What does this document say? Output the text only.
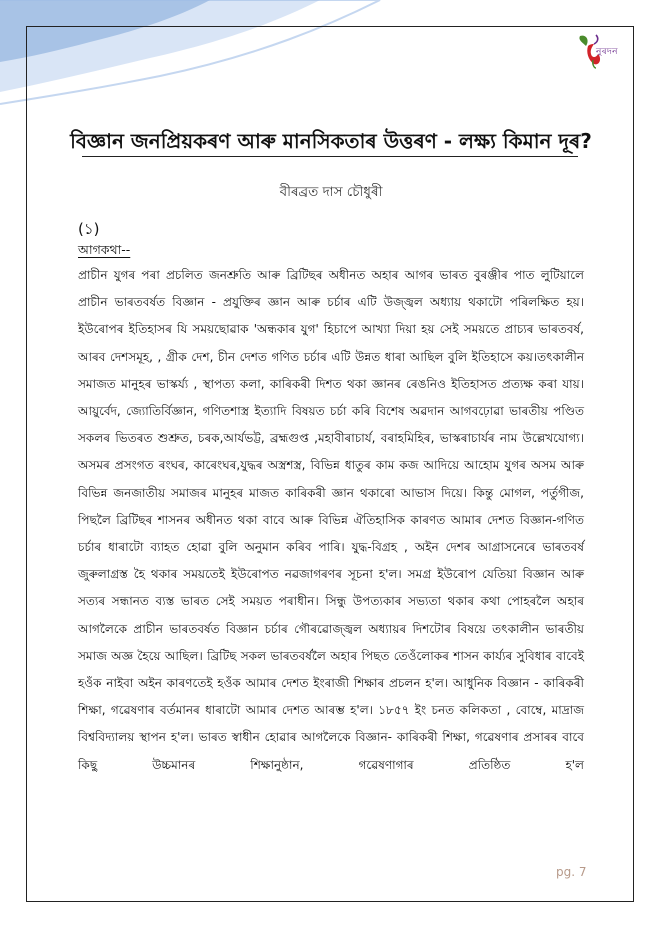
নুৰদন
বিজ্ঞান জনপ্ৰিয়কৰণ আৰু মানসিকতাৰ উত্তৰণ - লক্ষ্য কিমান দূৰ?
বীৰব্ৰত দাস চৌধুৰী
(১)
আগকথা--

প্ৰাচীন যুগৰ পৰা প্ৰচলিত জনশ্ৰুতি আৰু ব্ৰিটিছৰ অধীনত অহাৰ আগৰ ভাৰত বুৰঞ্জীৰ পাত লুটিয়ালে প্ৰাচীন ভাৰতবৰ্ষত বিজ্ঞান - প্ৰযুক্তিৰ জ্ঞান আৰু চৰ্চাৰ এটি উজ্জ্বল অধ্যায় থকাটো পৰিলক্ষিত হয়। ইউৰোপৰ ইতিহাসৰ যি সময়ছোৱাক 'অন্ধকাৰ যুগ' হিচাপে আখ্যা দিয়া হয় সেই সময়তে প্ৰাচ্যৰ ভাৰতবৰ্ষ, আৰব দেশসমূহ, , গ্ৰীক দেশ, চীন দেশত গণিত চৰ্চাৰ এটি উন্নত ধাৰা আছিল বুলি ইতিহাসে কয়।তৎকালীন সমাজত মানুহৰ ভাস্কৰ্য্য , স্থাপত্য কলা, কাৰিকৰী দিশত থকা জ্ঞানৰ ৰেঙনিও ইতিহাসত প্ৰত্যক্ষ কৰা যায়। আয়ুৰ্বেদ, জ্যোতিৰ্বিজ্ঞান, গণিতশাস্ত্ৰ ইত্যাদি বিষয়ত চৰ্চা কৰি বিশেষ অৱদান আগবঢ়োৱা ভাৰতীয় পণ্ডিত সকলৰ ভিতৰত শুশ্ৰুত, চৰক,আৰ্যভট্ট, ব্ৰহ্মগুপ্ত ,মহাবীৰাচাৰ্য, বৰাহমিহিৰ, ভাস্কৰাচাৰ্যৰ নাম উল্লেখযোগ্য।অসমৰ প্ৰসংগত ৰংঘৰ, কাৰেংঘৰ,যুদ্ধৰ অস্ত্ৰশস্ত্ৰ, বিভিন্ন ধাতুৰ কাম কজ আদিয়ে আহোম যুগৰ অসম আৰু বিভিন্ন জনজাতীয় সমাজৰ মানুহৰ মাজত কাৰিকৰী জ্ঞান থকাৰো আভাস দিয়ে। কিন্তু মোগল, পৰ্তুগীজ, পিছলৈ ব্ৰিটিছৰ শাসনৰ অধীনত থকা বাবে আৰু বিভিন্ন ঐতিহাসিক কাৰণত আমাৰ দেশত বিজ্ঞান-গণিত চৰ্চাৰ ধাৰাটো ব্যাহত হোৱা বুলি অনুমান কৰিব পাৰি। যুদ্ধ-বিগ্ৰহ , অইন দেশৰ আগ্ৰাসনেৰে ভাৰতবৰ্ষ জুৰুলাগ্ৰস্ত হৈ থকাৰ সময়তেই ইউৰোপত নৱজাগৰণৰ সূচনা হ'ল। সমগ্ৰ ইউৰোপ যেতিয়া বিজ্ঞান আৰু সত্যৰ সন্ধানত ব্যস্ত ভাৰত সেই সময়ত পৰাধীন। সিন্ধু উপত্যকাৰ সভ্যতা থকাৰ কথা পোহৰলৈ অহাৰ আগলৈকে প্ৰাচীন ভাৰতবৰ্ষত বিজ্ঞান চৰ্চাৰ গৌৰৱোজ্জ্বল অধ্যায়ৰ দিশটোৰ বিষয়ে তৎকালীন ভাৰতীয় সমাজ অজ্ঞ হৈয়ে আছিল। ব্ৰিটিছ সকল ভাৰতবৰ্ষলৈ অহাৰ পিছত তেওঁলোকৰ শাসন কাৰ্য্যৰ সুবিধাৰ বাবেই হওঁক নাইবা অইন কাৰণতেই হওঁক আমাৰ দেশত ইংৰাজী শিক্ষাৰ প্ৰচলন হ'ল। আধুনিক বিজ্ঞান - কাৰিকৰী শিক্ষা, গৱেষণাৰ বৰ্তমানৰ ধাৰাটো আমাৰ দেশত আৰম্ভ হ'ল। ১৮৫৭ ইং চনত কলিকতা , বোম্বে, মাদ্ৰাজ বিশ্ববিদ্যালয় স্থাপন হ'ল। ভাৰত স্বাধীন হোৱাৰ আগলৈকে বিজ্ঞান- কাৰিকৰী শিক্ষা, গৱেষণাৰ প্ৰসাৰৰ বাবে কিছু উচ্চমানৰ শিক্ষানুষ্ঠান, গৱেষণাগাৰ প্ৰতিষ্ঠিত হ'ল

pg. 7
